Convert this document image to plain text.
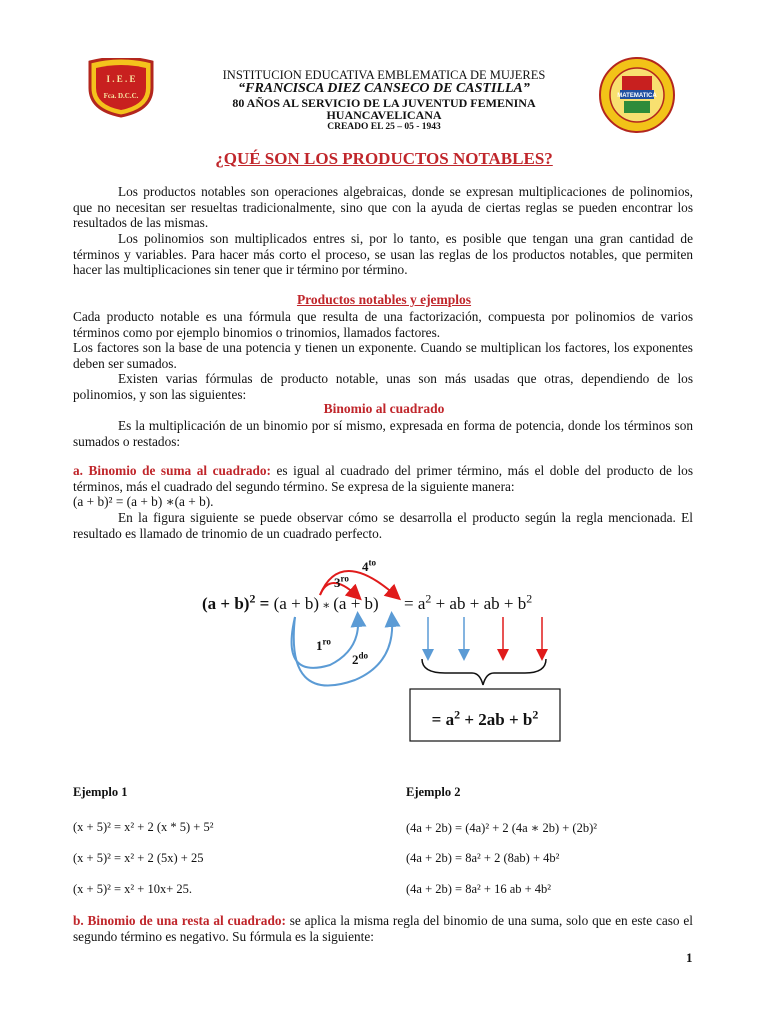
I . E . E
Fca. D.C.C.	MATEMATICA
INSTITUCION EDUCATIVA EMBLEMATICA DE MUJERES
“FRANCISCA DIEZ CANSECO DE CASTILLA”
80 AÑOS AL SERVICIO DE LA JUVENTUD FEMENINA
HUANCAVELICANA
CREADO EL 25 – 05 - 1943
¿QUÉ SON LOS PRODUCTOS NOTABLES?
Los productos notables son operaciones algebraicas, donde se expresan multiplicaciones de polinomios, que no necesitan ser resueltas tradicionalmente, sino que con la ayuda de ciertas reglas se pueden encontrar los resultados de las mismas.
Los polinomios son multiplicados entres si, por lo tanto, es posible que tengan una gran cantidad de términos y variables. Para hacer más corto el proceso, se usan las reglas de los productos notables, que permiten hacer las multiplicaciones sin tener que ir término por término.
Productos notables y ejemplos
Cada producto notable es una fórmula que resulta de una factorización, compuesta por polinomios de varios términos como por ejemplo binomios o trinomios, llamados factores.
Los factores son la base de una potencia y tienen un exponente. Cuando se multiplican los factores, los exponentes deben ser sumados.
Existen varias fórmulas de producto notable, unas son más usadas que otras, dependiendo de los polinomios, y son las siguientes:
Binomio al cuadrado
Es la multiplicación de un binomio por sí mismo, expresada en forma de potencia, donde los términos son sumados o restados:
a. Binomio de suma al cuadrado: es igual al cuadrado del primer término, más el doble del producto de los términos, más el cuadrado del segundo término. Se expresa de la siguiente manera:
(a + b)² = (a + b) ∗(a + b).
En la figura siguiente se puede observar cómo se desarrolla el producto según la regla mencionada. El resultado es llamado de trinomio de un cuadrado perfecto.
$(a + b)^2 = (a + b)$ ∗ $(a + b) = a^2$ + ab + ab + $b^2$
$1^{ro}$
$2^{do}$
$3^{ro}$
$4^{to}$
= $a^2 + 2ab + b^2$
Ejemplo 1	Ejemplo 2
(x + 5)² = x² + 2 (x * 5) + 5²
(x + 5)² = x² + 2 (5x) + 25
(x + 5)² = x² + 10x+ 25.
(4a + 2b) = (4a)² + 2 (4a ∗ 2b) + (2b)²
(4a + 2b) = 8a² + 2 (8ab) + 4b²
(4a + 2b) = 8a² + 16 ab + 4b²
b. Binomio de una resta al cuadrado: se aplica la misma regla del binomio de una suma, solo que en este caso el segundo término es negativo. Su fórmula es la siguiente:
1
